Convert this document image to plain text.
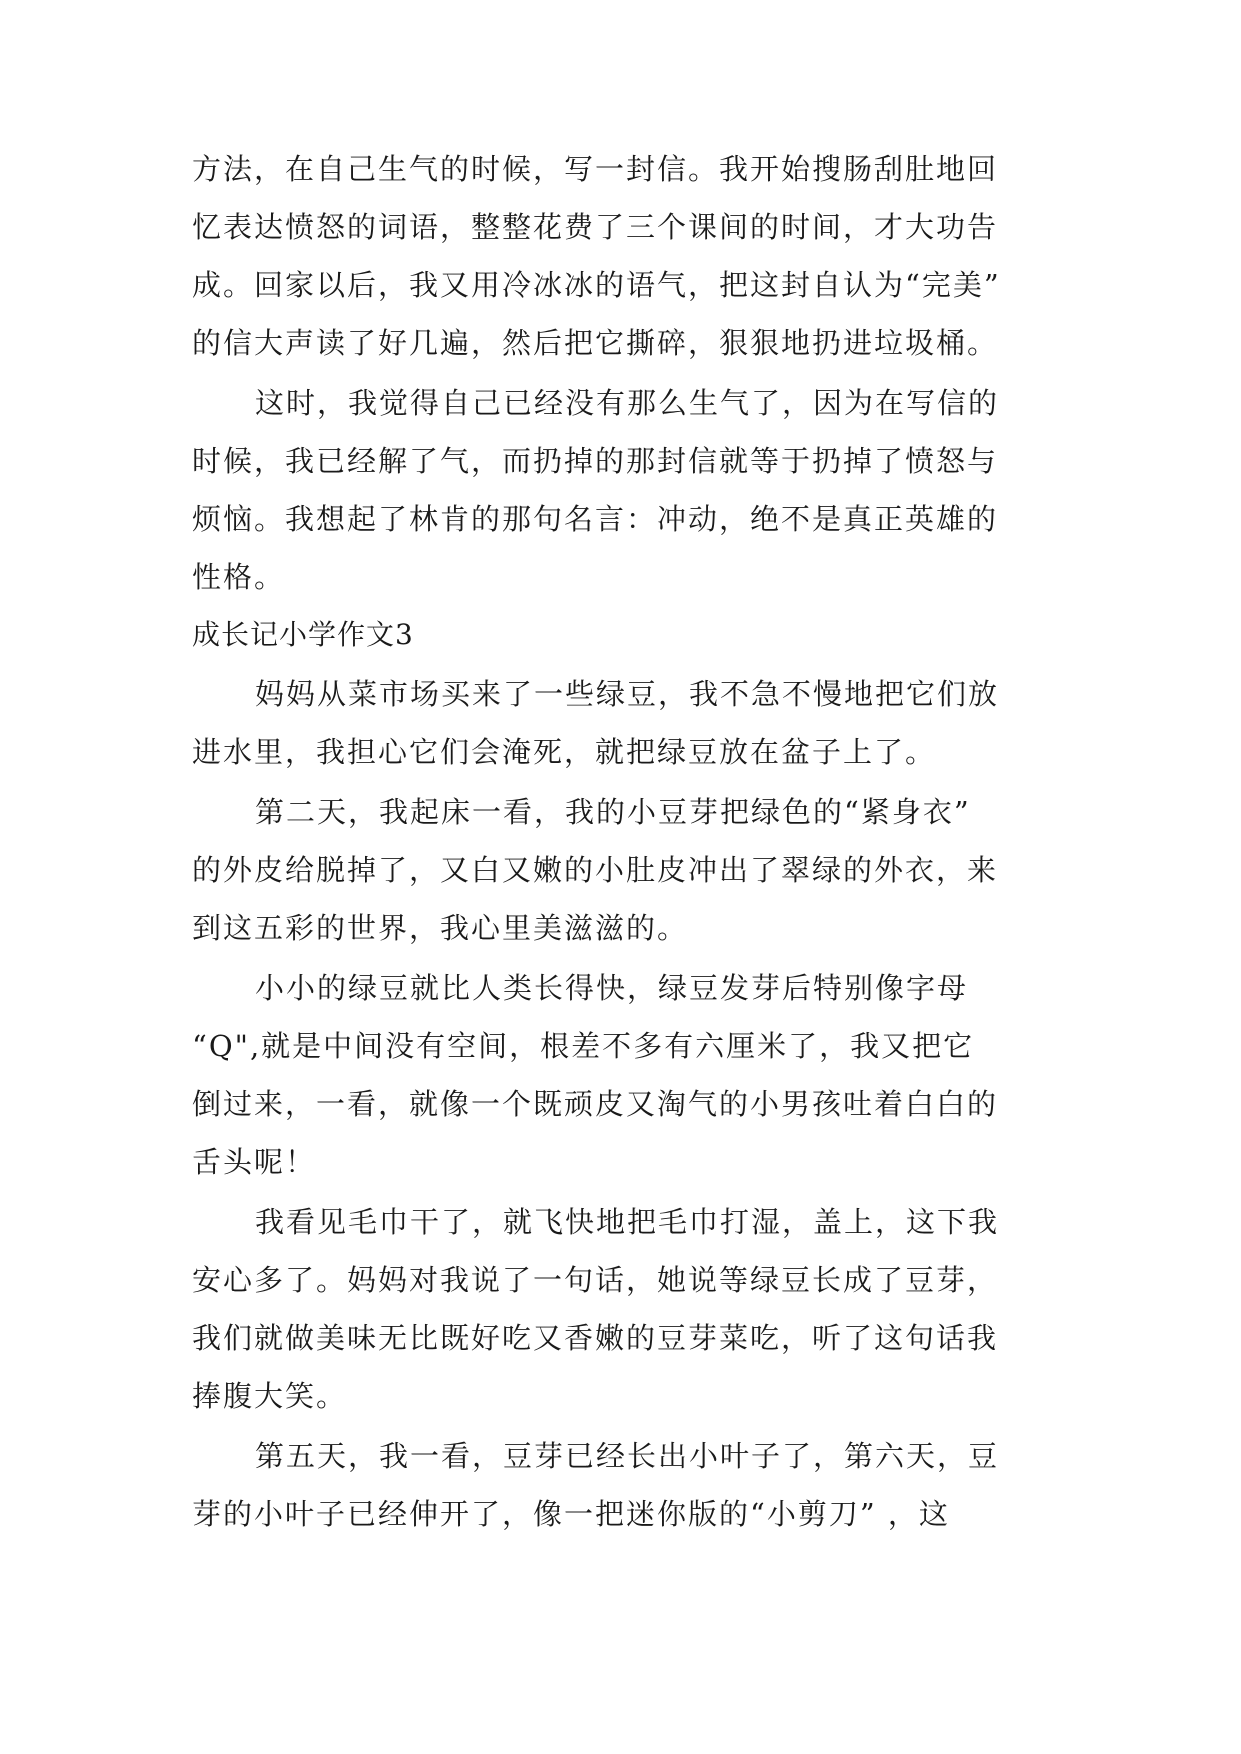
方法，在自己生气的时候，写一封信。我开始搜肠刮肚地回
忆表达愤怒的词语，整整花费了三个课间的时间，才大功告
成。回家以后，我又用冷冰冰的语气，把这封自认为“完美”
的信大声读了好几遍，然后把它撕碎，狠狠地扔进垃圾桶。
这时，我觉得自己已经没有那么生气了，因为在写信的
时候，我已经解了气，而扔掉的那封信就等于扔掉了愤怒与
烦恼。我想起了林肯的那句名言：冲动，绝不是真正英雄的
性格。
成长记小学作文3
妈妈从菜市场买来了一些绿豆，我不急不慢地把它们放
进水里，我担心它们会淹死，就把绿豆放在盆子上了。
第二天，我起床一看，我的小豆芽把绿色的“紧身衣”
的外皮给脱掉了，又白又嫩的小肚皮冲出了翠绿的外衣，来
到这五彩的世界，我心里美滋滋的。
小小的绿豆就比人类长得快，绿豆发芽后特别像字母
“Q",就是中间没有空间，根差不多有六厘米了，我又把它
倒过来，一看，就像一个既顽皮又淘气的小男孩吐着白白的
舌头呢！
我看见毛巾干了，就飞快地把毛巾打湿，盖上，这下我
安心多了。妈妈对我说了一句话，她说等绿豆长成了豆芽，
我们就做美味无比既好吃又香嫩的豆芽菜吃，听了这句话我
捧腹大笑。
第五天，我一看，豆芽已经长出小叶子了，第六天，豆
芽的小叶子已经伸开了，像一把迷你版的“小剪刀” ，这
